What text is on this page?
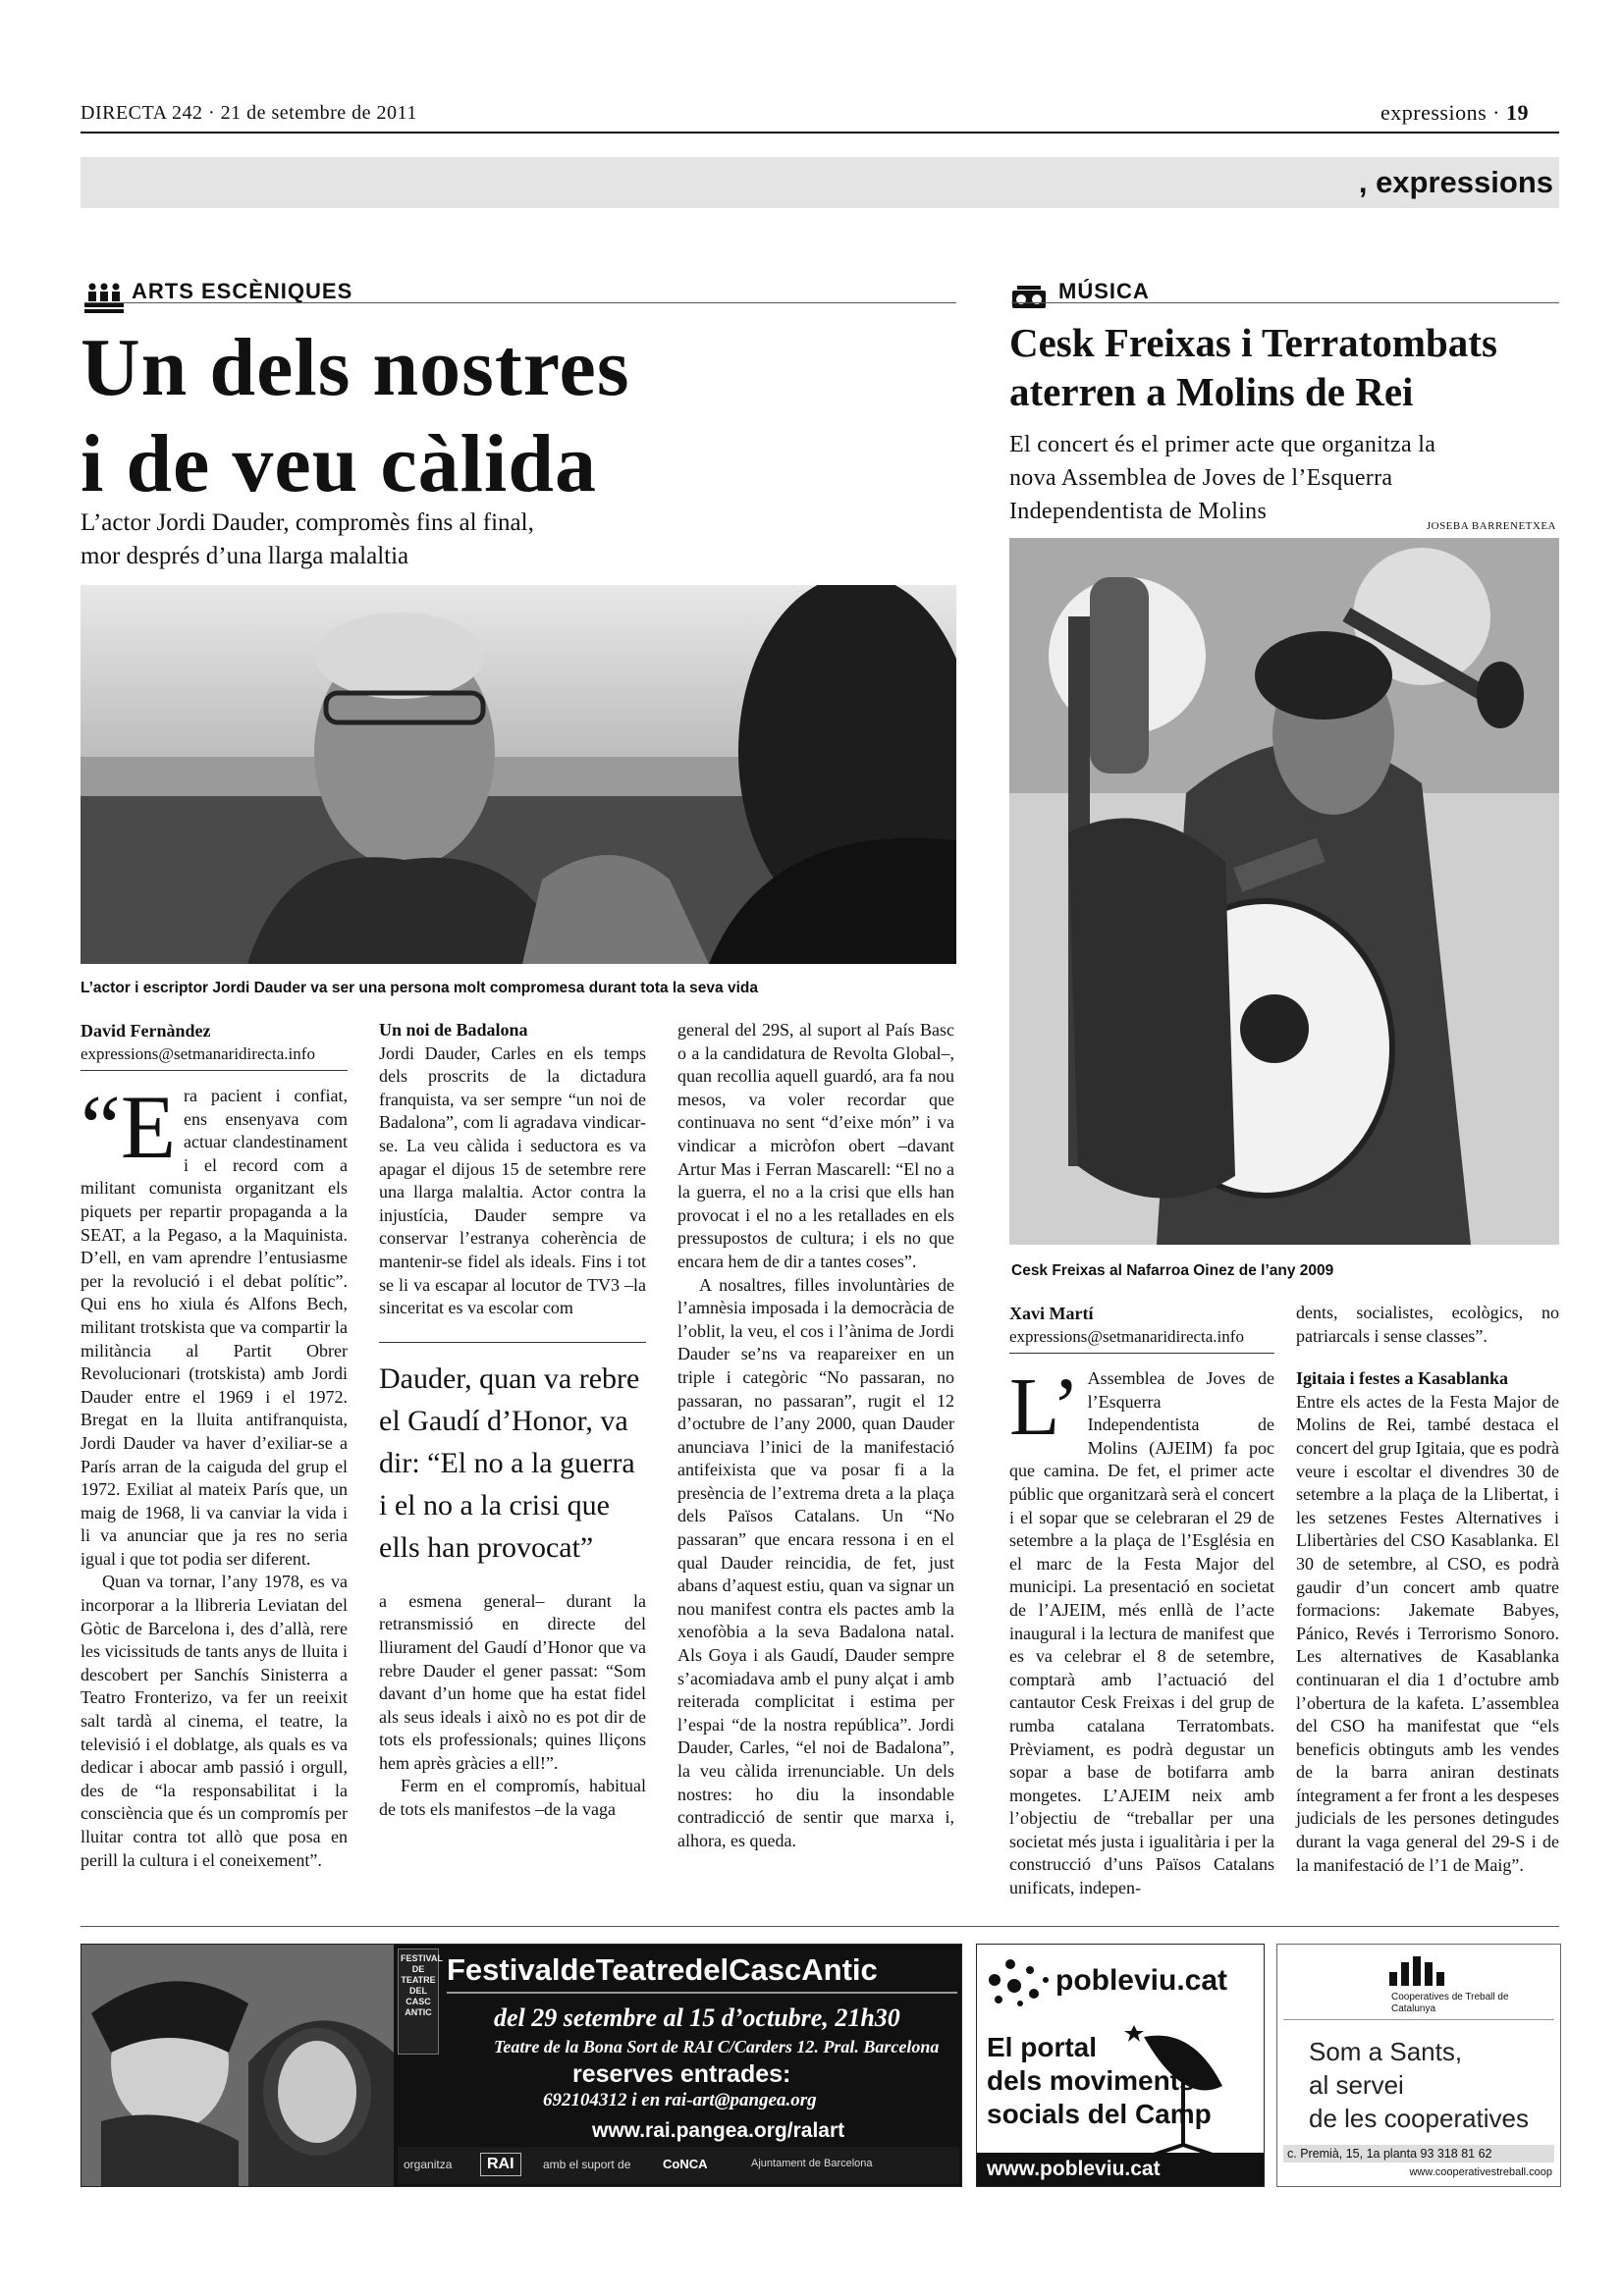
DIRECTA 242 · 21 de setembre de 2011	expressions · 19
, expressions
ARTS ESCÈNIQUES
Un dels nostres
i de veu càlida
L’actor Jordi Dauder, compromès fins al final,
mor després d’una llarga malaltia
L’actor i escriptor Jordi Dauder va ser una persona molt compromesa durant tota la seva vida
David Fernàndez
expressions@setmanaridirecta.info
“E ra pacient i confiat, ens ensenyava com actuar clandestinament i el record com a militant comunista organitzant els piquets per repartir propaganda a la SEAT, a la Pegaso, a la Maquinista. D’ell, en vam aprendre l’entusiasme per la revolució i el debat polític”. Qui ens ho xiula és Alfons Bech, militant trotskista que va compartir la militància al Partit Obrer Revolucionari (trotskista) amb Jordi Dauder entre el 1969 i el 1972. Bregat en la lluita antifranquista, Jordi Dauder va haver d’exiliar-se a París arran de la caiguda del grup el 1972. Exiliat al mateix París que, un maig de 1968, li va canviar la vida i li va anunciar que ja res no seria igual i que tot podia ser diferent.

Quan va tornar, l’any 1978, es va incorporar a la llibreria Leviatan del Gòtic de Barcelona i, des d’allà, rere les vicissituds de tants anys de lluita i descobert per Sanchís Sinisterra a Teatro Fronterizo, va fer un reeixit salt tardà al cinema, el teatre, la televisió i el doblatge, als quals es va dedicar i abocar amb passió i orgull, des de “la responsabilitat i la consciència que és un compromís per lluitar contra tot allò que posa en perill la cultura i el coneixement”.

Un noi de Badalona

Jordi Dauder, Carles en els temps dels proscrits de la dictadura franquista, va ser sempre “un noi de Badalona”, com li agradava vindicar-se. La veu càlida i seductora es va apagar el dijous 15 de setembre rere una llarga malaltia. Actor contra la injustícia, Dauder sempre va conservar l’estranya coherència de mantenir-se fidel als ideals. Fins i tot se li va escapar al locutor de TV3 –la sinceritat es va escolar com

Dauder, quan va rebre el Gaudí d’Honor, va dir: “El no a la guerra i el no a la crisi que ells han provocat”

a esmena general– durant la retransmissió en directe del lliurament del Gaudí d’Honor que va rebre Dauder el gener passat: “Som davant d’un home que ha estat fidel als seus ideals i això no es pot dir de tots els professionals; quines lliçons hem après gràcies a ell!”.

Ferm en el compromís, habitual de tots els manifestos –de la vaga

general del 29S, al suport al País Basc o a la candidatura de Revolta Global–, quan recollia aquell guardó, ara fa nou mesos, va voler recordar que continuava no sent “d’eixe món” i va vindicar a micròfon obert –davant Artur Mas i Ferran Mascarell: “El no a la guerra, el no a la crisi que ells han provocat i el no a les retallades en els pressupostos de cultura; i els no que encara hem de dir a tantes coses”.

A nosaltres, filles involuntàries de l’amnèsia imposada i la democràcia de l’oblit, la veu, el cos i l’ànima de Jordi Dauder se’ns va reapareixer en un triple i categòric “No passaran, no passaran, no passaran”, rugit el 12 d’octubre de l’any 2000, quan Dauder anunciava l’inici de la manifestació antifeixista que va posar fi a la presència de l’extrema dreta a la plaça dels Països Catalans. Un “No passaran” que encara ressona i en el qual Dauder reincidia, de fet, just abans d’aquest estiu, quan va signar un nou manifest contra els pactes amb la xenofòbia a la seva Badalona natal. Als Goya i als Gaudí, Dauder sempre s’acomiadava amb el puny alçat i amb reiterada complicitat i estima per l’espai “de la nostra república”. Jordi Dauder, Carles, “el noi de Badalona”, la veu càlida irrenunciable. Un dels nostres: ho diu la insondable contradicció de sentir que marxa i, alhora, es queda.

MÚSICA
Cesk Freixas i Terratombats
aterren a Molins de Rei
El concert és el primer acte que organitza la
nova Assemblea de Joves de l’Esquerra
Independentista de Molins
JOSEBA BARRENETXEA
Cesk Freixas al Nafarroa Oinez de l’any 2009
Xavi Martí
expressions@setmanaridirecta.info
L’ Assemblea de Joves de l’Esquerra Independentista de Molins (AJEIM) fa poc que camina. De fet, el primer acte públic que organitzarà serà el concert i el sopar que se celebraran el 29 de setembre a la plaça de l’Església en el marc de la Festa Major del municipi. La presentació en societat de l’AJEIM, més enllà de l’acte inaugural i la lectura de manifest que es va celebrar el 8 de setembre, comptarà amb l’actuació del cantautor Cesk Freixas i del grup de rumba catalana Terratombats. Prèviament, es podrà degustar un sopar a base de botifarra amb mongetes. L’AJEIM neix amb l’objectiu de “treballar per una societat més justa i igualitària i per la construcció d’uns Països Catalans unificats, indepen-

dents, socialistes, ecològics, no patriarcals i sense classes”.

Igitaia i festes a Kasablanka

Entre els actes de la Festa Major de Molins de Rei, també destaca el concert del grup Igitaia, que es podrà veure i escoltar el divendres 30 de setembre a la plaça de la Llibertat, i les setzenes Festes Alternatives i Llibertàries del CSO Kasablanka. El 30 de setembre, al CSO, es podrà gaudir d’un concert amb quatre formacions: Jakemate Babyes, Pánico, Revés i Terrorismo Sonoro. Les alternatives de Kasablanka continuaran el dia 1 d’octubre amb l’obertura de la kafeta. L’assemblea del CSO ha manifestat que “els beneficis obtinguts amb les vendes de la barra aniran destinats íntegrament a fer front a les despeses judicials de les persones detingudes durant la vaga general del 29-S i de la manifestació de l’1 de Maig”.

FESTIVAL DE TEATRE DEL CASC ANTIC
FestivaldeTeatredelCascAntic
del 29 setembre al 15 d’octubre, 21h30
Teatre de la Bona Sort de RAI C/Carders 12. Pral. Barcelona
reserves entrades:
692104312 i en rai-art@pangea.org
www.rai.pangea.org/ralart
organitza	RAI	amb el suport de	CoNCA	Ajuntament de Barcelona
pobleviu.cat
El portal
dels moviments
socials del Camp
www.pobleviu.cat
Cooperatives de Treball de Catalunya
Som a Sants,
al servei
de les cooperatives
c. Premià, 15, 1a planta 93 318 81 62
www.cooperativestreball.coop
